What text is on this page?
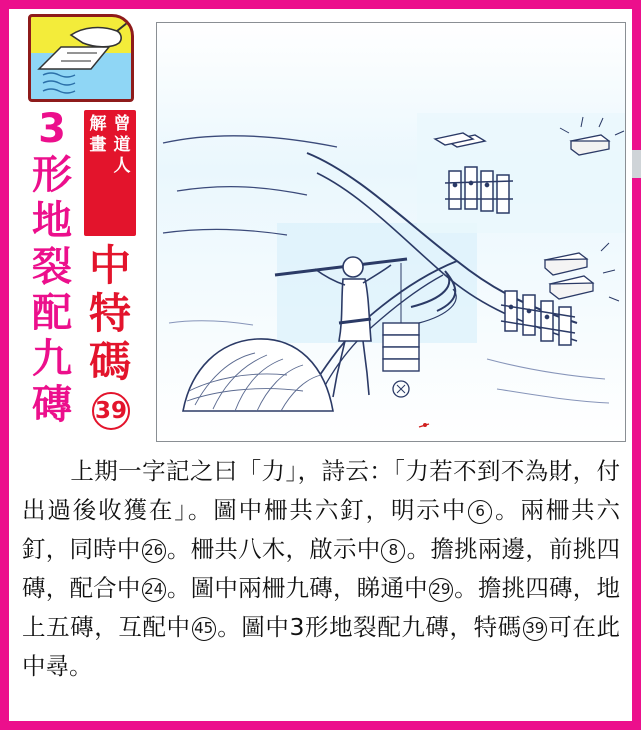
3
形
地
裂
配
九
磚
曾
道
人
解
畫
中
特
碼
39
上期一字記之曰「力」，詩云：「力若不到不為財，付出過後收獲在」。圖中柵共六釘，明示中 6 。兩柵共六釘，同時中 26 。柵共八木，啟示中 8 。擔挑兩邊，前挑四磚，配合中 24 。圖中兩柵九磚，睇通中 29 。擔挑四磚，地上五磚，互配中 45 。圖中3形地裂配九磚，特碼 39 可在此中尋。
